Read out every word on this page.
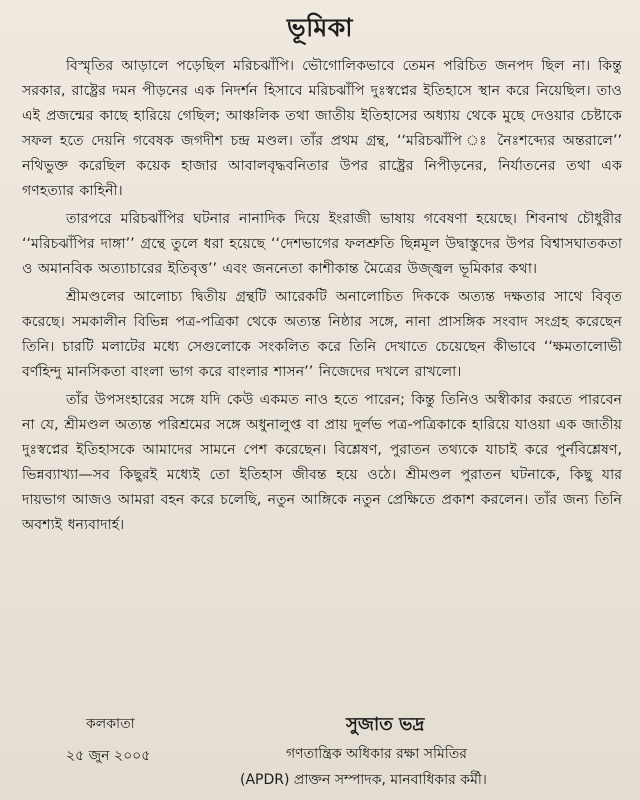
ভূমিকা

বিস্মৃতির আড়ালে পড়েছিল মরিচঝাঁপি। ভৌগোলিকভাবে তেমন পরিচিত জনপদ ছিল না। কিন্তু সরকার, রাষ্ট্রের দমন পীড়নের এক নিদর্শন হিসাবে মরিচঝাঁপি দুঃস্বপ্নের ইতিহাসে স্থান করে নিয়েছিল। তাও এই প্রজন্মের কাছে হারিয়ে গেছিল; আঞ্চলিক তথা জাতীয় ইতিহাসের অধ্যায় থেকে মুছে দেওয়ার চেষ্টাকে সফল হতে দেয়নি গবেষক জগদীশ চন্দ্র মণ্ডল। তাঁর প্রথম গ্রন্থ, ‘‘মরিচঝাঁপি ঃ নৈঃশব্দ্যের অন্তরালে’’ নথিভুক্ত করেছিল কয়েক হাজার আবালবৃদ্ধবনিতার উপর রাষ্ট্রের নিপীড়নের, নির্যাতনের তথা এক গণহত্যার কাহিনী।

তারপরে মরিচঝাঁপির ঘটনার নানাদিক দিয়ে ইংরাজী ভাষায় গবেষণা হয়েছে। শিবনাথ চৌধুরীর ‘‘মরিচঝাঁপির দাঙ্গা’’ গ্রন্থে তুলে ধরা হয়েছে ‘‘দেশভাগের ফলশ্রুতি ছিন্নমূল উদ্বাস্তুদের উপর বিশ্বাসঘাতকতা ও অমানবিক অত্যাচারের ইতিবৃত্ত’’ এবং জননেতা কাশীকান্ত মৈত্রের উজ্জ্বল ভূমিকার কথা।

শ্রীমণ্ডলের আলোচ্য দ্বিতীয় গ্রন্থটি আরেকটি অনালোচিত দিককে অত্যন্ত দক্ষতার সাথে বিবৃত করেছে। সমকালীন বিভিন্ন পত্র-পত্রিকা থেকে অত্যন্ত নিষ্ঠার সঙ্গে, নানা প্রাসঙ্গিক সংবাদ সংগ্রহ করেছেন তিনি। চারটি মলাটের মধ্যে সেগুলোকে সংকলিত করে তিনি দেখাতে চেয়েছেন কীভাবে ‘‘ক্ষমতালোভী বর্ণহিন্দু মানসিকতা বাংলা ভাগ করে বাংলার শাসন’’ নিজেদের দখলে রাখলো।

তাঁর উপসংহারের সঙ্গে যদি কেউ একমত নাও হতে পারেন; কিন্তু তিনিও অস্বীকার করতে পারবেন না যে, শ্রীমণ্ডল অত্যন্ত পরিশ্রমের সঙ্গে অধুনালুপ্ত বা প্রায় দুর্লভ পত্র-পত্রিকাকে হারিয়ে যাওয়া এক জাতীয় দুঃস্বপ্নের ইতিহাসকে আমাদের সামনে পেশ করেছেন। বিশ্লেষণ, পুরাতন তথ্যকে যাচাই করে পুর্নবিশ্লেষণ, ভিন্নব্যাখ্যা—সব কিছুরই মধ্যেই তো ইতিহাস জীবন্ত হয়ে ওঠে। শ্রীমণ্ডল পুরাতন ঘটনাকে, কিছু যার দায়ভাগ আজও আমরা বহন করে চলেছি, নতুন আঙ্গিকে নতুন প্রেক্ষিতে প্রকাশ করলেন। তাঁর জন্য তিনি অবশ্যই ধন্যবাদার্হ।

কলকাতা
২৫ জুন ২০০৫
সুজাত ভদ্র
গণতান্ত্রিক অধিকার রক্ষা সমিতির
(APDR) প্রাক্তন সম্পাদক, মানবাধিকার কর্মী।
